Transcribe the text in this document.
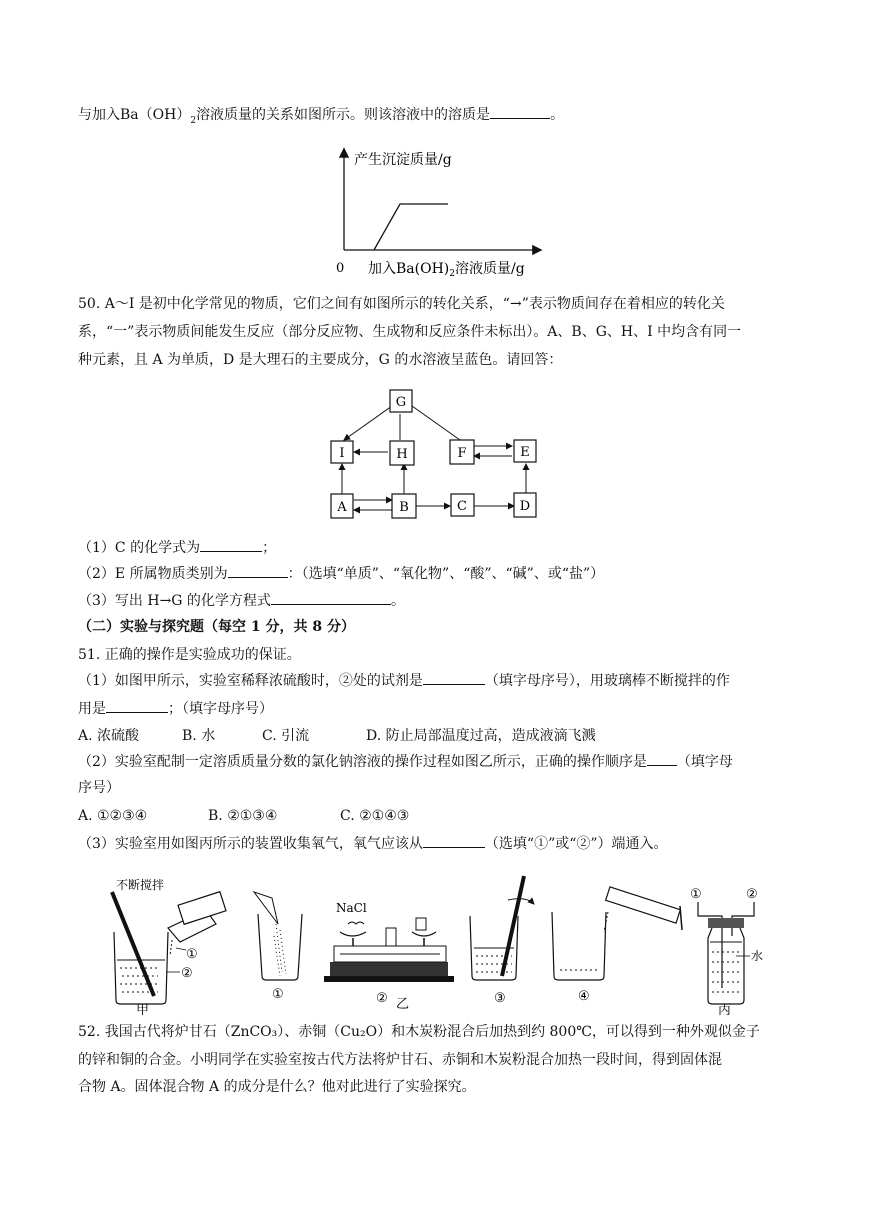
与加入$Ba(OH)_2$溶液质量的关系如图所示。则该溶液中的溶质是	。
产生沉淀质量/g
0 加入$Ba(OH)_2$溶液质量/g
50. A～I 是初中化学常见的物质，它们之间有如图所示的转化关系，“→”表示物质间存在着相应的转化关
系，“一”表示物质间能发生反应（部分反应物、生成物和反应条件未标出）。A、B、G、H、I 中均含有同一
种元素，且 A 为单质，D 是大理石的主要成分，G 的水溶液呈蓝色。请回答：
G
I	H	F	E
A	B	C	D
（1）C 的化学式为	；
（2）E 所属物质类别为	：（选填“单质”、“氧化物”、“酸”、“碱”、或“盐”）
（3）写出 H→G 的化学方程式	。
（二）实验与探究题（每空 1 分，共 8 分）
51. 正确的操作是实验成功的保证。
（1）如图甲所示，实验室稀释浓硫酸时，②处的试剂是	（填字母序号），用玻璃棒不断搅拌的作
用是	；（填字母序号）
A. 浓硫酸	B. 水	C. 引流	D. 防止局部温度过高，造成液滴飞溅
（2）实验室配制一定溶质质量分数的氯化钠溶液的操作过程如图乙所示，正确的操作顺序是 （填字母
序号）
A. ①②③④	B. ②①③④	C. ②①④③
（3）实验室用如图丙所示的装置收集氧气，氧气应该从	（选填“①”或“②”）端通入。
不断搅拌
①
②
甲
①
NaCl
② 乙	③	④
①	②
水
丙
52. 我国古代将炉甘石（ZnCO₃）、赤铜（Cu₂O）和木炭粉混合后加热到约 800℃，可以得到一种外观似金子
的锌和铜的合金。小明同学在实验室按古代方法将炉甘石、赤铜和木炭粉混合加热一段时间，得到固体混
合物 A。固体混合物 A 的成分是什么？他对此进行了实验探究。
